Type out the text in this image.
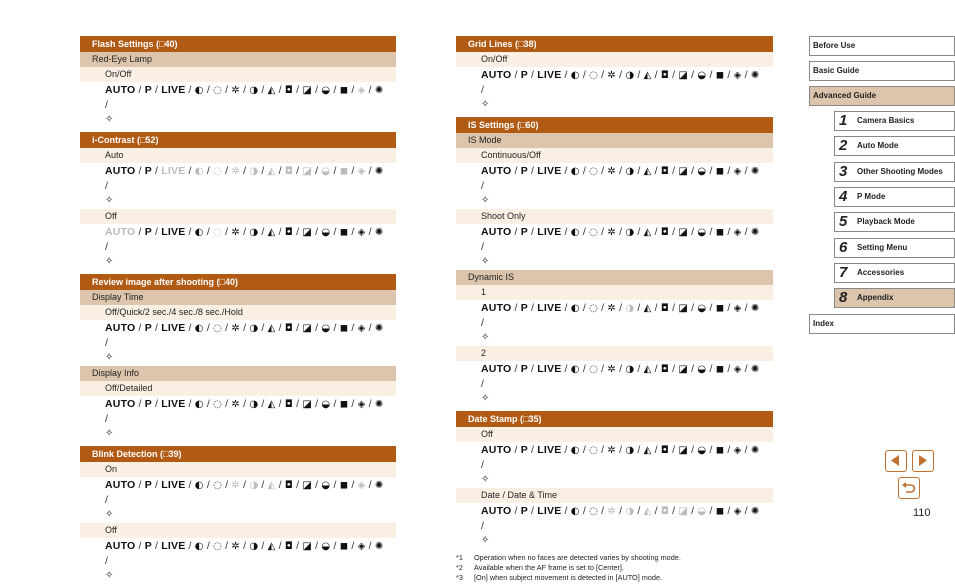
Flash Settings (□40)
Red-Eye Lamp
On/Off
AUTO / P / LIVE / ◐ / ◌ / ✲ / ◑ / ◭ / ◘ / ◪ / ◒ / ◼ / ◈ / ✺ /
✧
i-Contrast (□52)
Auto
AUTO / P / LIVE / ◐ / ◌ / ✲ / ◑ / ◭ / ◘ / ◪ / ◒ / ◼ / ◈ / ✺ /
✧
Off
AUTO / P / LIVE / ◐ / ◌ / ✲ / ◑ / ◭ / ◘ / ◪ / ◒ / ◼ / ◈ / ✺ /
✧
Review image after shooting (□40)
Display Time
Off/Quick/2 sec./4 sec./8 sec./Hold
AUTO / P / LIVE / ◐ / ◌ / ✲ / ◑ / ◭ / ◘ / ◪ / ◒ / ◼ / ◈ / ✺ /
✧
Display Info
Off/Detailed
AUTO / P / LIVE / ◐ / ◌ / ✲ / ◑ / ◭ / ◘ / ◪ / ◒ / ◼ / ◈ / ✺ /
✧
Blink Detection (□39)
On
AUTO / P / LIVE / ◐ / ◌ / ✲ / ◑ / ◭ / ◘ / ◪ / ◒ / ◼ / ◈ / ✺ /
✧
Off
AUTO / P / LIVE / ◐ / ◌ / ✲ / ◑ / ◭ / ◘ / ◪ / ◒ / ◼ / ◈ / ✺ /
✧
Grid Lines (□38)
On/Off
AUTO / P / LIVE / ◐ / ◌ / ✲ / ◑ / ◭ / ◘ / ◪ / ◒ / ◼ / ◈ / ✺ /
✧
IS Settings (□60)
IS Mode
Continuous/Off
AUTO / P / LIVE / ◐ / ◌ / ✲ / ◑ / ◭ / ◘ / ◪ / ◒ / ◼ / ◈ / ✺ /
✧
Shoot Only
AUTO / P / LIVE / ◐ / ◌ / ✲ / ◑ / ◭ / ◘ / ◪ / ◒ / ◼ / ◈ / ✺ /
✧
Dynamic IS
1
AUTO / P / LIVE / ◐ / ◌ / ✲ / ◑ / ◭ / ◘ / ◪ / ◒ / ◼ / ◈ / ✺ /
✧
2
AUTO / P / LIVE / ◐ / ◌ / ✲ / ◑ / ◭ / ◘ / ◪ / ◒ / ◼ / ◈ / ✺ /
✧
Date Stamp (□35)
Off
AUTO / P / LIVE / ◐ / ◌ / ✲ / ◑ / ◭ / ◘ / ◪ / ◒ / ◼ / ◈ / ✺ /
✧
Date / Date & Time
AUTO / P / LIVE / ◐ / ◌ / ✲ / ◑ / ◭ / ◘ / ◪ / ◒ / ◼ / ◈ / ✺ /
✧
*1	Operation when no faces are detected varies by shooting mode.
*2	Available when the AF frame is set to [Center].
*3	[On] when subject movement is detected in [AUTO] mode.
Before Use
Basic Guide
Advanced Guide
1	Camera Basics
2	Auto Mode
3	Other Shooting Modes
4	P Mode
5	Playback Mode
6	Setting Menu
7	Accessories
8	Appendix
Index
110
